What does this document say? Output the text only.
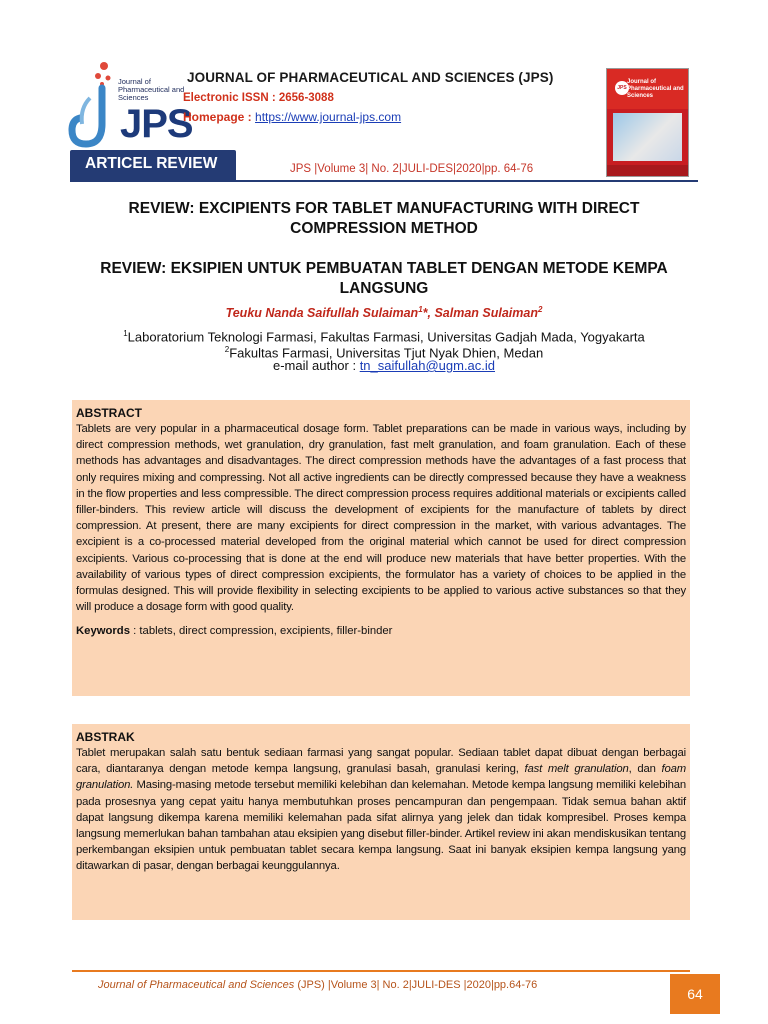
Journal of Pharmaceutical and Sciences
JPS
JOURNAL OF PHARMACEUTICAL AND SCIENCES (JPS)
Electronic ISSN : 2656-3088
Homepage : https://www.journal-jps.com
JPS
Journal of Pharmaceutical and Sciences
ARTICEL REVIEW	JPS |Volume 3| No. 2|JULI-DES|2020|pp. 64-76
REVIEW: EXCIPIENTS FOR TABLET MANUFACTURING WITH DIRECT COMPRESSION METHOD
REVIEW: EKSIPIEN UNTUK PEMBUATAN TABLET DENGAN METODE KEMPA LANGSUNG
Teuku Nanda Saifullah Sulaiman$^1$*, Salman Sulaiman$^2$
$^1$Laboratorium Teknologi Farmasi, Fakultas Farmasi, Universitas Gadjah Mada, Yogyakarta
$^2$Fakultas Farmasi, Universitas Tjut Nyak Dhien, Medan
e-mail author : tn_saifullah@ugm.ac.id
ABSTRACT
Tablets are very popular in a pharmaceutical dosage form. Tablet preparations can be made in various ways, including by direct compression methods, wet granulation, dry granulation, fast melt granulation, and foam granulation. Each of these methods has advantages and disadvantages. The direct compression methods have the advantages of a fast process that only requires mixing and compressing. Not all active ingredients can be directly compressed because they have a weakness in the flow properties and less compressible. The direct compression process requires additional materials or excipients called filler-binders. This review article will discuss the development of excipients for the manufacture of tablets by direct compression. At present, there are many excipients for direct compression in the market, with various advantages. The excipient is a co-processed material developed from the original material which cannot be used for direct compression excipients. Various co-processing that is done at the end will produce new materials that have better properties. With the availability of various types of direct compression excipients, the formulator has a variety of choices to be applied in the formulas designed. This will provide flexibility in selecting excipients to be applied to various active substances so that they will produce a dosage form with good quality.
Keywords : tablets, direct compression, excipients, filler-binder
ABSTRAK
Tablet merupakan salah satu bentuk sediaan farmasi yang sangat popular. Sediaan tablet dapat dibuat dengan berbagai cara, diantaranya dengan metode kempa langsung, granulasi basah, granulasi kering, fast melt granulation, dan foam granulation. Masing-masing metode tersebut memiliki kelebihan dan kelemahan. Metode kempa langsung memiliki kelebihan pada prosesnya yang cepat yaitu hanya membutuhkan proses pencampuran dan pengempaan. Tidak semua bahan aktif dapat langsung dikempa karena memiliki kelemahan pada sifat alirnya yang jelek dan tidak kompresibel. Proses kempa langsung memerlukan bahan tambahan atau eksipien yang disebut filler-binder. Artikel review ini akan mendiskusikan tentang perkembangan eksipien untuk pembuatan tablet secara kempa langsung. Saat ini banyak eksipien kempa langsung yang ditawarkan di pasar, dengan berbagai keunggulannya.
Journal of Pharmaceutical and Sciences (JPS) |Volume 3| No. 2|JULI-DES |2020|pp.64-76
64
